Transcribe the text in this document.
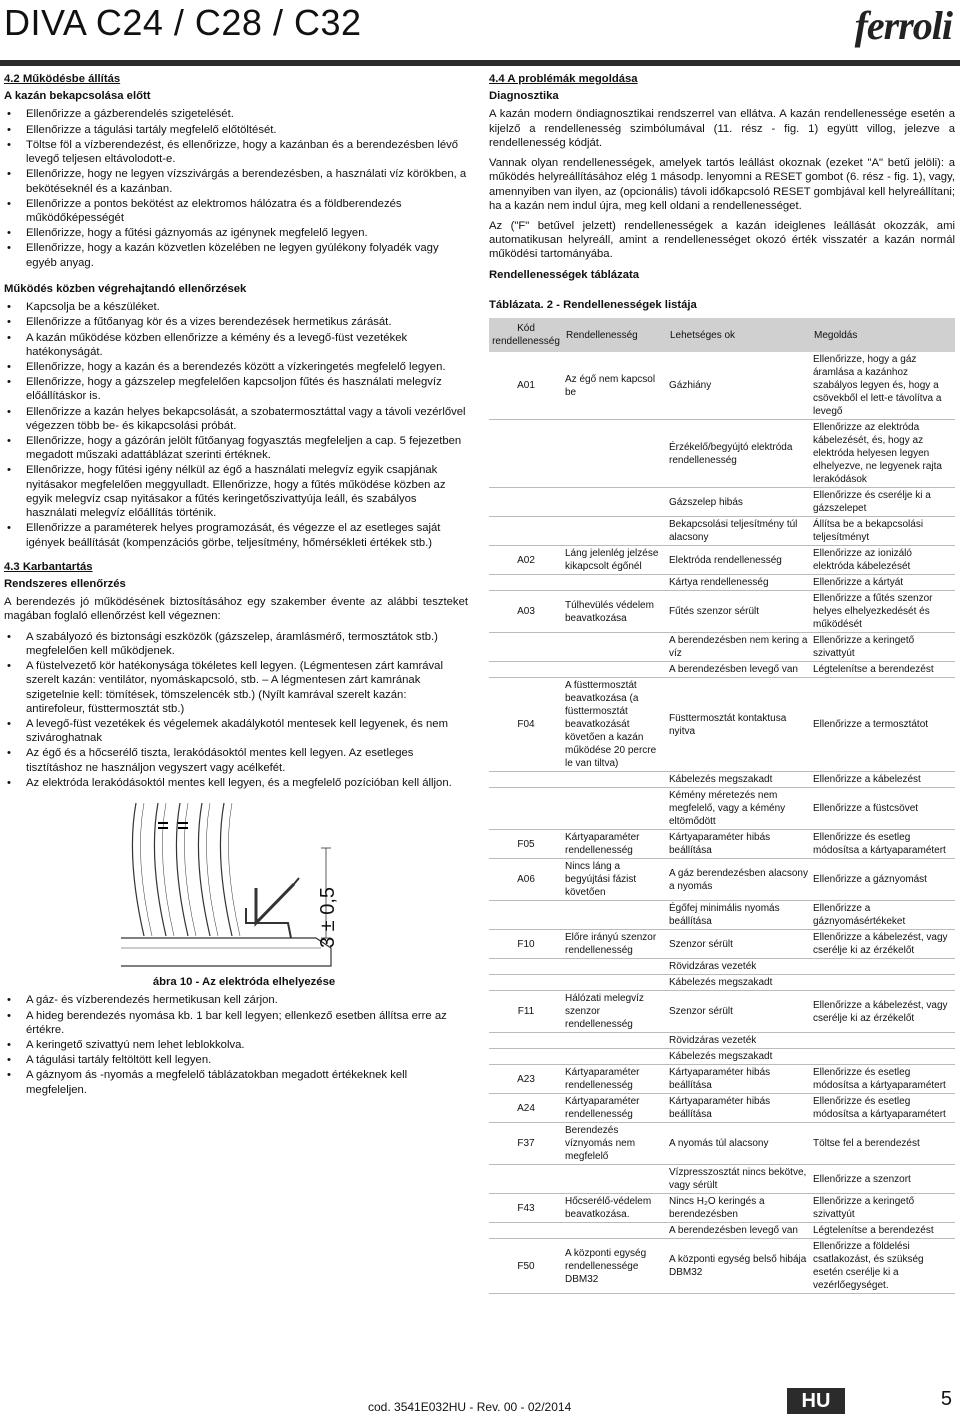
DIVA C24 / C28 / C32	ferroli
4.2 Működésbe állítás
A kazán bekapcsolása előtt
• Ellenőrizze a gázberendelés szigetelését.
• Ellenőrizze a tágulási tartály megfelelő előtöltését.
• Töltse föl a vízberendezést, és ellenőrizze, hogy a kazánban és a berendezésben lévő levegő teljesen eltávolodott-e.
• Ellenőrizze, hogy ne legyen vízszivárgás a berendezésben, a használati víz körökben, a bekötéseknél és a kazánban.
• Ellenőrizze a pontos bekötést az elektromos hálózatra és a földberendezés működőképességét
• Ellenőrizze, hogy a fűtési gáznyomás az igénynek megfelelő legyen.
• Ellenőrizze, hogy a kazán közvetlen közelében ne legyen gyúlékony folyadék vagy egyéb anyag.
Működés közben végrehajtandó ellenőrzések
• Kapcsolja be a készüléket.
• Ellenőrizze a fűtőanyag kör és a vizes berendezések hermetikus zárását.
• A kazán működése közben ellenőrizze a kémény és a levegő-füst vezetékek hatékonyságát.
• Ellenőrizze, hogy a kazán és a berendezés között a vízkeringetés megfelelő legyen.
• Ellenőrizze, hogy a gázszelep megfelelően kapcsoljon fűtés és használati melegvíz előállításkor is.
• Ellenőrizze a kazán helyes bekapcsolását, a szobatermosztáttal vagy a távoli vezérlővel végezzen több be- és kikapcsolási próbát.
• Ellenőrizze, hogy a gázórán jelölt fűtőanyag fogyasztás megfeleljen a cap. 5 fejezetben megadott műszaki adattáblázat szerinti értéknek.
• Ellenőrizze, hogy fűtési igény nélkül az égő a használati melegvíz egyik csapjának nyitásakor megfelelően meggyulladt. Ellenőrizze, hogy a fűtés működése közben az egyik melegvíz csap nyitásakor a fűtés keringetőszivattyúja leáll, és szabályos használati melegvíz előállítás történik.
• Ellenőrizze a paraméterek helyes programozását, és végezze el az esetleges saját igények beállítását (kompenzációs görbe, teljesítmény, hőmérsékleti értékek stb.)
4.3 Karbantartás
Rendszeres ellenőrzés

A berendezés jó működésének biztosításához egy szakember évente az alábbi teszteket magában foglaló ellenőrzést kell végeznen:

• A szabályozó és biztonsági eszközök (gázszelep, áramlásmérő, termosztátok stb.) megfelelően kell működjenek.
• A füstelvezető kör hatékonysága tökéletes kell legyen. (Légmentesen zárt kamrával szerelt kazán: ventilátor, nyomáskapcsoló, stb. – A légmentesen zárt kamrának szigetelnie kell: tömítések, tömszelencék stb.) (Nyílt kamrával szerelt kazán: antirefoleur, füsttermosztát stb.)
• A levegő-füst vezetékek és végelemek akadálykotól mentesek kell legyenek, és nem szivároghatnak
• Az égő és a hőcserélő tiszta, lerakódásoktól mentes kell legyen. Az esetleges tisztításhoz ne használjon vegyszert vagy acélkefét.
• Az elektróda lerakódásoktól mentes kell legyen, és a megfelelő pozícióban kell álljon.
3 ± 0,5
ábra 10 - Az elektróda elhelyezése
• A gáz- és vízberendezés hermetikusan kell zárjon.
• A hideg berendezés nyomása kb. 1 bar kell legyen; ellenkező esetben állítsa erre az értékre.
• A keringető szivattyú nem lehet leblokkolva.
• A tágulási tartály feltöltött kell legyen.
• A gáznyom ás -nyomás a megfelelő táblázatokban megadott értékeknek kell megfeleljen.
4.4 A problémák megoldása
Diagnosztika

A kazán modern öndiagnosztikai rendszerrel van ellátva. A kazán rendellenessége esetén a kijelző a rendellenesség szimbólumával (11. rész - fig. 1) együtt villog, jelezve a rendellenesség kódját.

Vannak olyan rendellenességek, amelyek tartós leállást okoznak (ezeket "A" betű jelöli): a működés helyreállításához elég 1 másodp. lenyomni a RESET gombot (6. rész - fig. 1), vagy, amennyiben van ilyen, az (opcionális) távoli időkapcsoló RESET gombjával kell helyreállítani; ha a kazán nem indul újra, meg kell oldani a rendellenességet.

Az ("F" betűvel jelzett) rendellenességek a kazán ideiglenes leállását okozzák, ami automatikusan helyreáll, amint a rendellenességet okozó érték visszatér a kazán normál működési tartományába.

Rendellenességek táblázata
Táblázata. 2 - Rendellenességek listája
Kód rendellenesség	Rendellenesség	Lehetséges ok	Megoldás
A01	Az égő nem kapcsol be	Gázhiány	Ellenőrizze, hogy a gáz áramlása a kazánhoz szabályos legyen és, hogy a csövekből el lett-e távolítva a levegő
		Érzékelő/begyújtó elektróda rendellenesség	Ellenőrizze az elektróda kábelezését, és, hogy az elektróda helyesen legyen elhelyezve, ne legyenek rajta lerakódások
		Gázszelep hibás	Ellenőrizze és cserélje ki a gázszelepet
		Bekapcsolási teljesítmény túl alacsony	Állítsa be a bekapcsolási teljesítményt
A02	Láng jelenlég jelzése kikapcsolt égőnél	Elektróda rendellenesség	Ellenőrizze az ionizáló elektróda kábelezését
		Kártya rendellenesség	Ellenőrizze a kártyát
A03	Túlhevülés védelem beavatkozása	Fűtés szenzor sérült	Ellenőrizze a fűtés szenzor helyes elhelyezkedését és működését
		A berendezésben nem kering a víz	Ellenőrizze a keringető szivattyút
		A berendezésben levegő van	Légtelenítse a berendezést
F04	A füsttermosztát beavatkozása (a füsttermosztát beavatkozását követően a kazán működése 20 percre le van tiltva)	Füsttermosztát kontaktusa nyitva	Ellenőrizze a termosztátot
		Kábelezés megszakadt	Ellenőrizze a kábelezést
		Kémény méretezés nem megfelelő, vagy a kémény eltömődött	Ellenőrizze a füstcsövet
F05	Kártyaparaméter rendellenesség	Kártyaparaméter hibás beállítása	Ellenőrizze és esetleg módosítsa a kártyaparamétert
A06	Nincs láng a begyújtási fázist követően	A gáz berendezésben alacsony a nyomás	Ellenőrizze a gáznyomást
		Égőfej minimális nyomás beállítása	Ellenőrizze a gáznyomásértékeket
F10	Előre irányú szenzor rendellenesség	Szenzor sérült	Ellenőrizze a kábelezést, vagy cserélje ki az érzékelőt
		Rövidzáras vezeték	
		Kábelezés megszakadt	
F11	Hálózati melegvíz szenzor rendellenesség	Szenzor sérült	Ellenőrizze a kábelezést, vagy cserélje ki az érzékelőt
		Rövidzáras vezeték	
		Kábelezés megszakadt	
A23	Kártyaparaméter rendellenesség	Kártyaparaméter hibás beállítása	Ellenőrizze és esetleg módosítsa a kártyaparamétert
A24	Kártyaparaméter rendellenesség	Kártyaparaméter hibás beállítása	Ellenőrizze és esetleg módosítsa a kártyaparamétert
F37	Berendezés víznyomás nem megfelelő	A nyomás túl alacsony	Töltse fel a berendezést
		Vízpresszosztát nincs bekötve, vagy sérült	Ellenőrizze a szenzort
F43	Hőcserélő-védelem beavatkozása.	Nincs H₂O keringés a berendezésben	Ellenőrizze a keringető szivattyút
		A berendezésben levegő van	Légtelenítse a berendezést
F50	A központi egység rendellenessége DBM32	A központi egység belső hibája DBM32	Ellenőrizze a földelési csatlakozást, és szükség esetén cserélje ki a vezérlőegységet.
cod. 3541E032HU - Rev. 00 - 02/2014	HU	5
